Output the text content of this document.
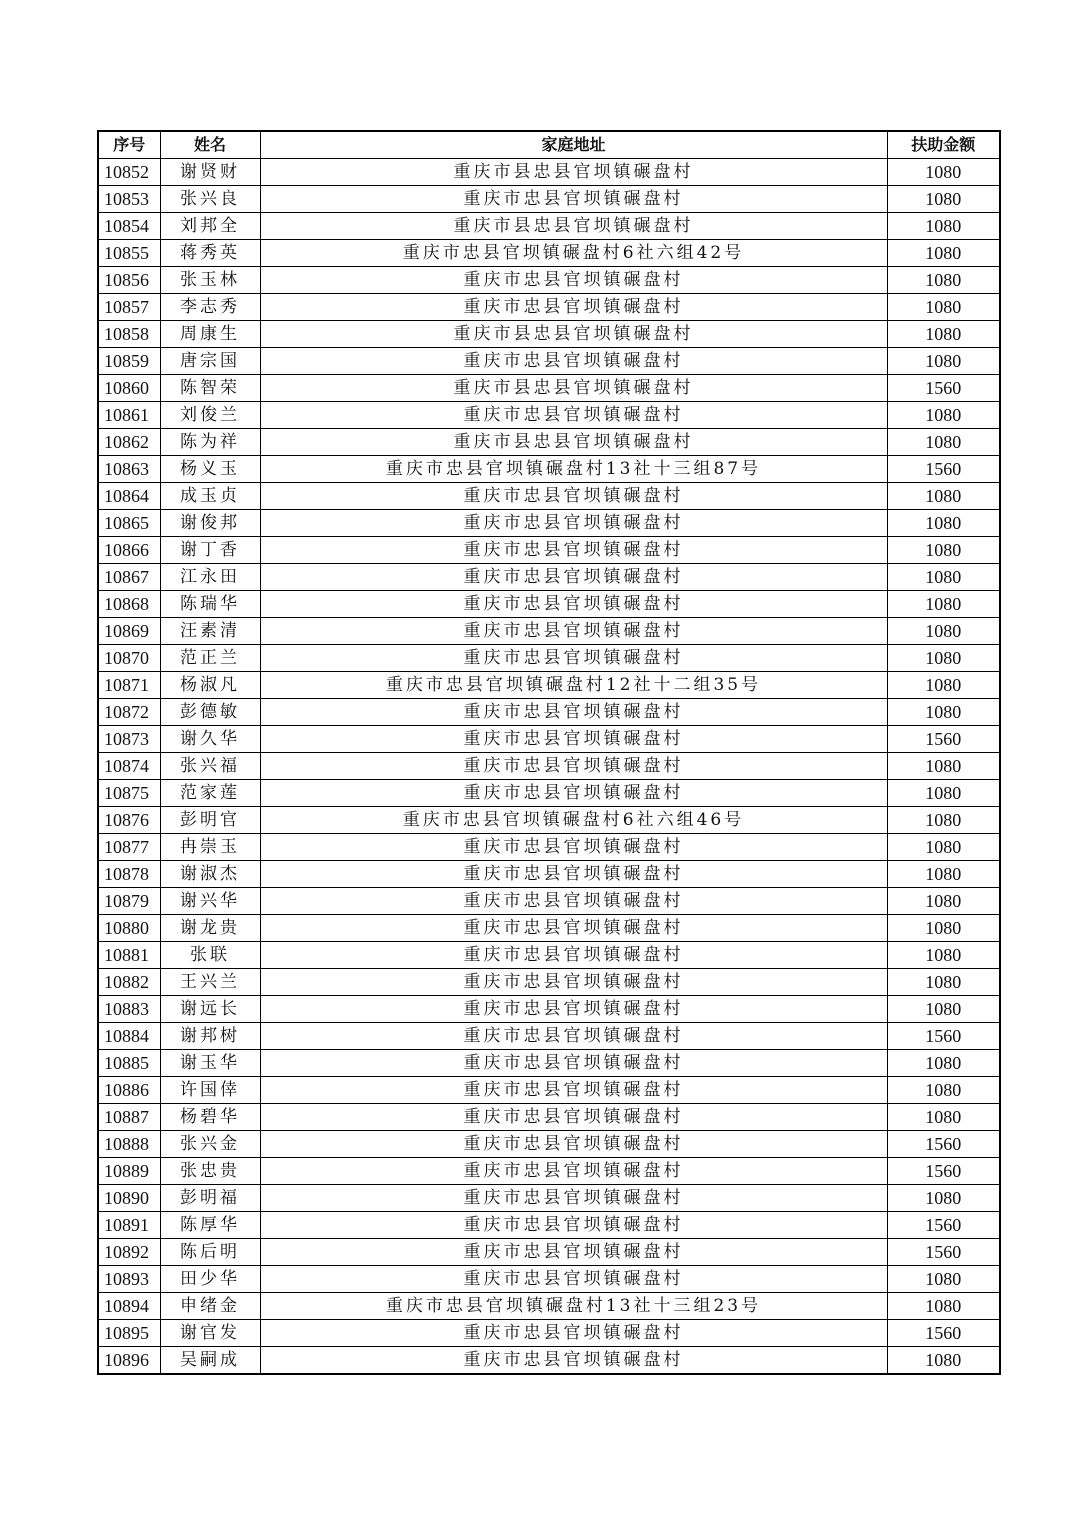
序号	姓名	家庭地址	扶助金额
10852	谢贤财	重庆市县忠县官坝镇碾盘村	1080
10853	张兴良	重庆市忠县官坝镇碾盘村	1080
10854	刘邦全	重庆市县忠县官坝镇碾盘村	1080
10855	蒋秀英	重庆市忠县官坝镇碾盘村6社六组42号	1080
10856	张玉林	重庆市忠县官坝镇碾盘村	1080
10857	李志秀	重庆市忠县官坝镇碾盘村	1080
10858	周康生	重庆市县忠县官坝镇碾盘村	1080
10859	唐宗国	重庆市忠县官坝镇碾盘村	1080
10860	陈智荣	重庆市县忠县官坝镇碾盘村	1560
10861	刘俊兰	重庆市忠县官坝镇碾盘村	1080
10862	陈为祥	重庆市县忠县官坝镇碾盘村	1080
10863	杨义玉	重庆市忠县官坝镇碾盘村13社十三组87号	1560
10864	成玉贞	重庆市忠县官坝镇碾盘村	1080
10865	谢俊邦	重庆市忠县官坝镇碾盘村	1080
10866	谢丁香	重庆市忠县官坝镇碾盘村	1080
10867	江永田	重庆市忠县官坝镇碾盘村	1080
10868	陈瑞华	重庆市忠县官坝镇碾盘村	1080
10869	汪素清	重庆市忠县官坝镇碾盘村	1080
10870	范正兰	重庆市忠县官坝镇碾盘村	1080
10871	杨淑凡	重庆市忠县官坝镇碾盘村12社十二组35号	1080
10872	彭德敏	重庆市忠县官坝镇碾盘村	1080
10873	谢久华	重庆市忠县官坝镇碾盘村	1560
10874	张兴福	重庆市忠县官坝镇碾盘村	1080
10875	范家莲	重庆市忠县官坝镇碾盘村	1080
10876	彭明官	重庆市忠县官坝镇碾盘村6社六组46号	1080
10877	冉崇玉	重庆市忠县官坝镇碾盘村	1080
10878	谢淑杰	重庆市忠县官坝镇碾盘村	1080
10879	谢兴华	重庆市忠县官坝镇碾盘村	1080
10880	谢龙贵	重庆市忠县官坝镇碾盘村	1080
10881	张联	重庆市忠县官坝镇碾盘村	1080
10882	王兴兰	重庆市忠县官坝镇碾盘村	1080
10883	谢远长	重庆市忠县官坝镇碾盘村	1080
10884	谢邦树	重庆市忠县官坝镇碾盘村	1560
10885	谢玉华	重庆市忠县官坝镇碾盘村	1080
10886	许国倖	重庆市忠县官坝镇碾盘村	1080
10887	杨碧华	重庆市忠县官坝镇碾盘村	1080
10888	张兴金	重庆市忠县官坝镇碾盘村	1560
10889	张忠贵	重庆市忠县官坝镇碾盘村	1560
10890	彭明福	重庆市忠县官坝镇碾盘村	1080
10891	陈厚华	重庆市忠县官坝镇碾盘村	1560
10892	陈后明	重庆市忠县官坝镇碾盘村	1560
10893	田少华	重庆市忠县官坝镇碾盘村	1080
10894	申绪金	重庆市忠县官坝镇碾盘村13社十三组23号	1080
10895	谢官发	重庆市忠县官坝镇碾盘村	1560
10896	吴嗣成	重庆市忠县官坝镇碾盘村	1080
